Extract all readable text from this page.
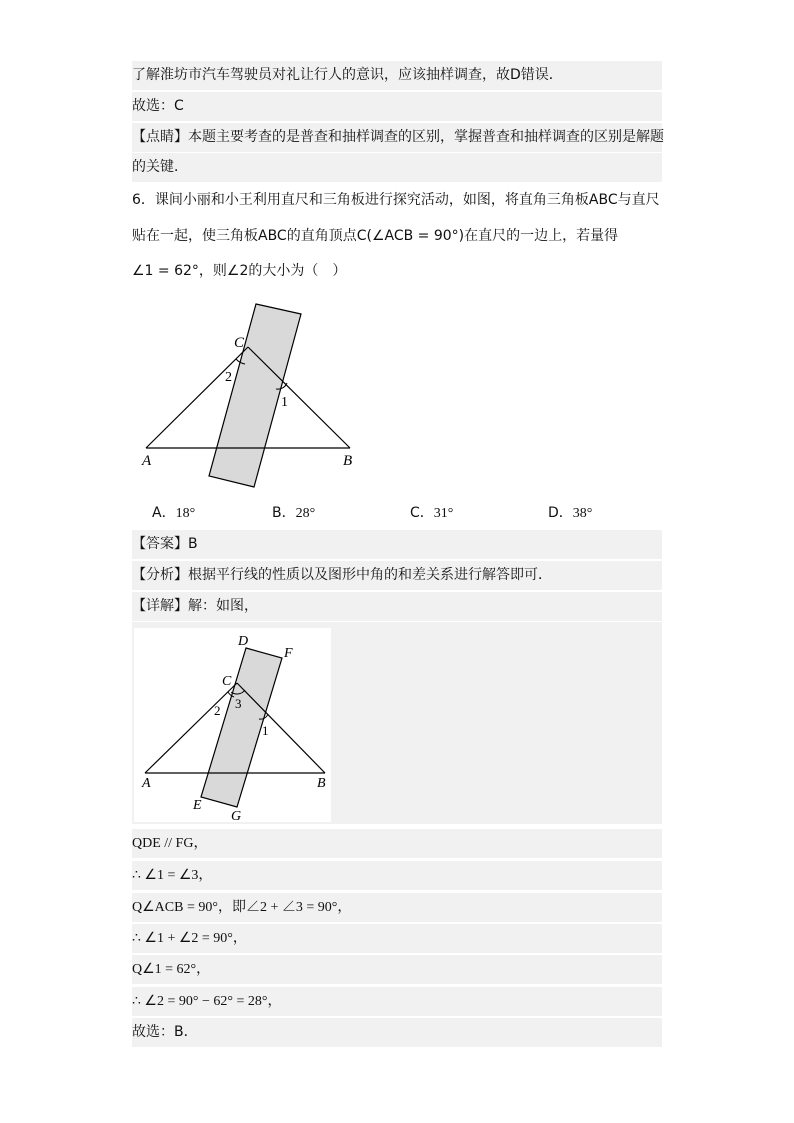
了解淮坊市汽车驾驶员对礼让行人的意识，应该抽样调查，故D错误．
故选：C
【点睛】本题主要考查的是普查和抽样调查的区别，掌握普查和抽样调查的区别是解题
的关键．
6．课间小丽和小王利用直尺和三角板进行探究活动，如图，将直角三角板ABC与直尺
贴在一起，使三角板ABC的直角顶点C(∠ACB = 90°)在直尺的一边上，若量得
∠1 = 62°，则∠2的大小为（　）
C
2
1
A	B
A．18°	B．28°	C．31°	D．38°
【答案】B
【分析】根据平行线的性质以及图形中角的和差关系进行解答即可．
【详解】解：如图，
D
F
C
2 3
1
A	B
E
G
QDE // FG，
∴ ∠1 = ∠3，
Q∠ACB = 90°，即∠2 + ∠3 = 90°，
∴ ∠1 + ∠2 = 90°，
Q∠1 = 62°，
∴ ∠2 = 90° − 62° = 28°，
故选：B．
